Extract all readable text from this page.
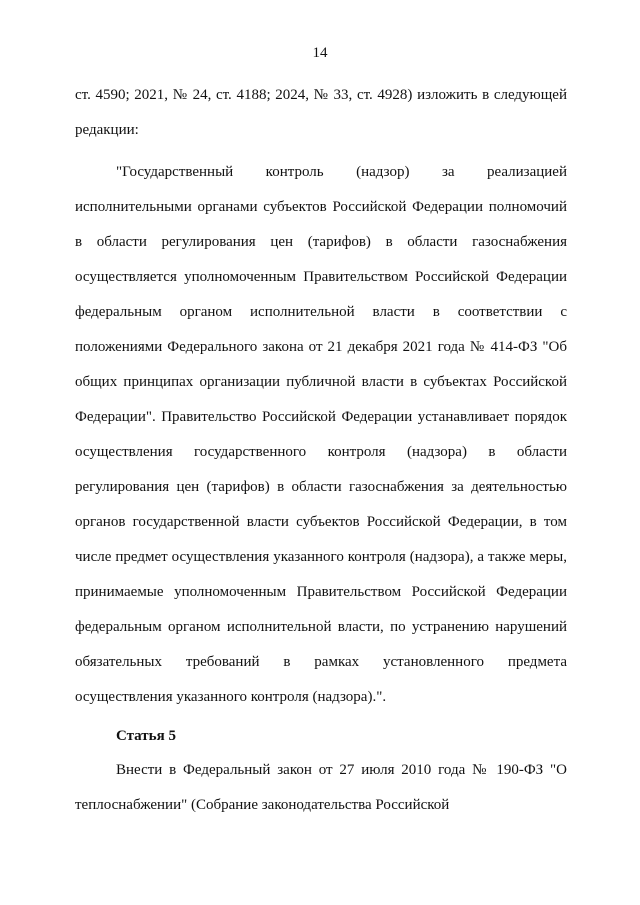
14

ст. 4590; 2021, № 24, ст. 4188; 2024, № 33, ст. 4928) изложить в следующей редакции:

"Государственный контроль (надзор) за реализацией исполнительными органами субъектов Российской Федерации полномочий в области регулирования цен (тарифов) в области газоснабжения осуществляется уполномоченным Правительством Российской Федерации федеральным органом исполнительной власти в соответствии с положениями Федерального закона от 21 декабря 2021 года № 414-ФЗ "Об общих принципах организации публичной власти в субъектах Российской Федерации". Правительство Российской Федерации устанавливает порядок осуществления государственного контроля (надзора) в области регулирования цен (тарифов) в области газоснабжения за деятельностью органов государственной власти субъектов Российской Федерации, в том числе предмет осуществления указанного контроля (надзора), а также меры, принимаемые уполномоченным Правительством Российской Федерации федеральным органом исполнительной власти, по устранению нарушений обязательных требований в рамках установленного предмета осуществления указанного контроля (надзора).".

Статья 5

Внести в Федеральный закон от 27 июля 2010 года № 190-ФЗ "О теплоснабжении" (Собрание законодательства Российской
